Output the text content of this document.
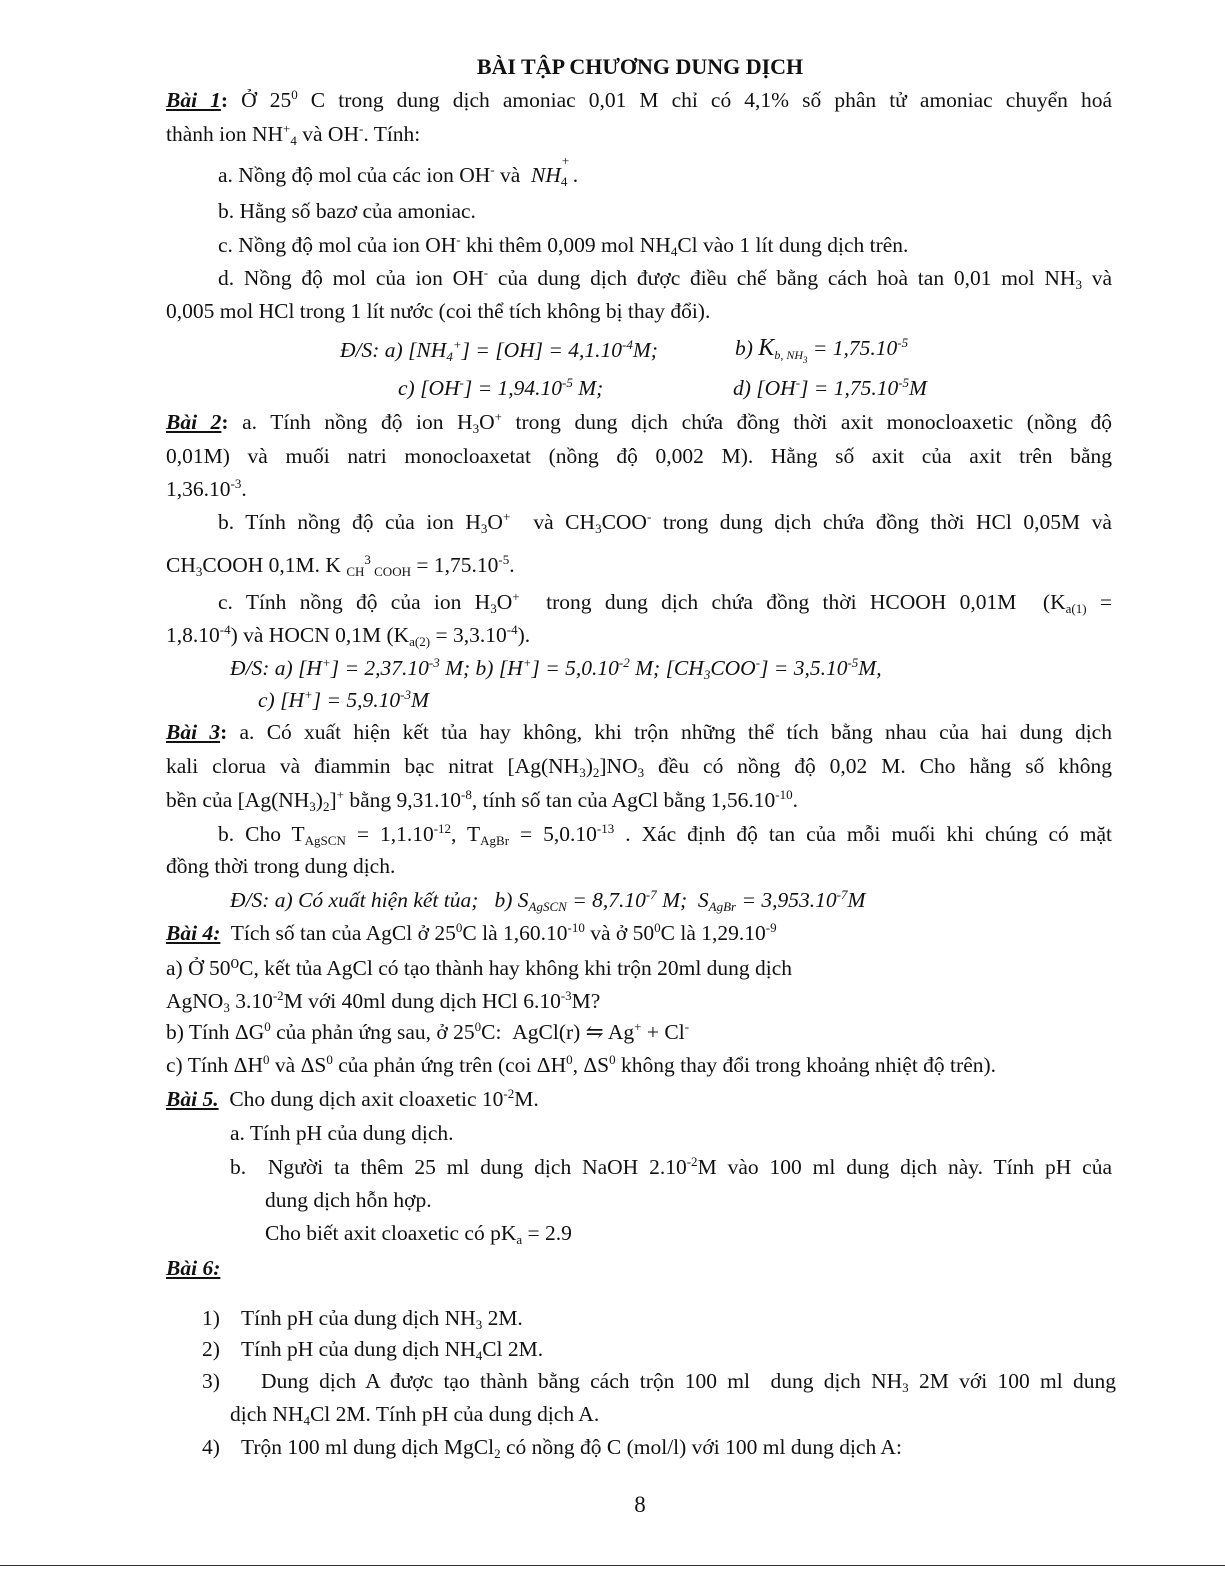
BÀI TẬP CHƯƠNG DUNG DỊCH
Bài 1: Ở $25^0$ C trong dung dịch amoniac 0,01 M chỉ có 4,1% số phân tử amoniac chuyển hoá
thành ion $NH^+_4$ và OH-. Tính:
a. Nồng độ mol của các ion OH- và  NH
+
$_4$ .
b. Hằng số bazơ của amoniac.
c. Nồng độ mol của ion OH- khi thêm 0,009 mol $NH_4Cl$ vào 1 lít dung dịch trên.
d. Nồng độ mol của ion OH- của dung dịch được điều chế bằng cách hoà tan 0,01 mol $NH_3$ và
0,005 mol HCl trong 1 lít nước (coi thể tích không bị thay đổi).
Đ/S: a) $[NH_4^+] = [OH] = 4,1.10^{-4}M$;	b) $K_{b, NH_3} = 1,75.10^{-5}$
c) $[OH^-] = 1,94.10^{-5}$ M;	d) $[OH^-] = 1,75.10^{-5}M$
Bài 2: a. Tính nồng độ ion $H_3O^+$ trong dung dịch chứa đồng thời axit monocloaxetic (nồng độ
0,01M) và muối natri monocloaxetat (nồng độ 0,002 M). Hằng số axit của axit trên bằng
$1,36.10^{-3}$.
b. Tính nồng độ của ion $H_3O^+$  và $CH_3COO^-$ trong dung dịch chứa đồng thời HCl 0,05M và
$CH_3COOH$ 0,1M. K $_{CH}^3$ $_{COOH} = 1,75.10^{-5}$.
c. Tính nồng độ của ion $H_3O^+$  trong dung dịch chứa đồng thời HCOOH 0,01M  ($K_{a(1)}$ =
$1,8.10^{-4}$) và HOCN 0,1M $(K_{a(2)} = 3,3.10^{-4})$.
Đ/S: a) $[H^+] = 2,37.10^{-3}$ M; b) $[H^+] = 5,0.10^{-2}$ M; $[CH_3COO^-] = 3,5.10^{-5}M$,
c) $[H^+] = 5,9.10^{-3}M$
Bài 3: a. Có xuất hiện kết tủa hay không, khi trộn những thể tích bằng nhau của hai dung dịch
kali clorua và điammin bạc nitrat $[Ag(NH_3)_2]NO_3$ đều có nồng độ 0,02 M. Cho hằng số không
bền của $[Ag(NH_3)_2]^+$ bằng $9,31.10^{-8}$, tính số tan của AgCl bằng $1,56.10^{-10}$.
b. Cho $T_{AgSCN} = 1,1.10^{-12}$, $T_{AgBr} = 5,0.10^{-13}$ . Xác định độ tan của mỗi muối khi chúng có mặt
đồng thời trong dung dịch.
Đ/S: a) Có xuất hiện kết tủa;   b) $S_{AgSCN} = 8,7.10^{-7}$ M;  $S_{AgBr} = 3,953.10^{-7}M$
Bài 4:  Tích số tan của AgCl ở $25^0C$ là $1,60.10^{-10}$ và ở $50^0C$ là $1,29.10^{-9}$
a) Ở 50⁰C, kết tủa AgCl có tạo thành hay không khi trộn 20ml dung dịch
AgNO$_3$ $3.10^{-2}M$ với 40ml dung dịch HCl $6.10^{-3}M$?
b) Tính $\Delta G^0$ của phản ứng sau, ở $25^0C$:  AgCl(r) ⇋ Ag+ + Cl-
c) Tính $\Delta H^0$ và $\Delta S^0$ của phản ứng trên (coi $\Delta H^0$, $\Delta S^0$ không thay đổi trong khoảng nhiệt độ trên).
Bài 5.  Cho dung dịch axit cloaxetic $10^{-2}M$.
a. Tính pH của dung dịch.
b.  Người ta thêm 25 ml dung dịch NaOH $2.10^{-2}M$ vào 100 ml dung dịch này. Tính pH của
dung dịch hỗn hợp.
Cho biết axit cloaxetic có $pK_a = 2.9$
Bài 6:
1)    Tính pH của dung dịch $NH_3$ 2M.
2)    Tính pH của dung dịch $NH_4Cl$ 2M.
3)    Dung dịch A được tạo thành bằng cách trộn 100 ml  dung dịch $NH_3$ 2M với 100 ml dung
dịch $NH_4Cl$ 2M. Tính pH của dung dịch A.
4)    Trộn 100 ml dung dịch MgCl$_2$ có nồng độ C (mol/l) với 100 ml dung dịch A:
8
